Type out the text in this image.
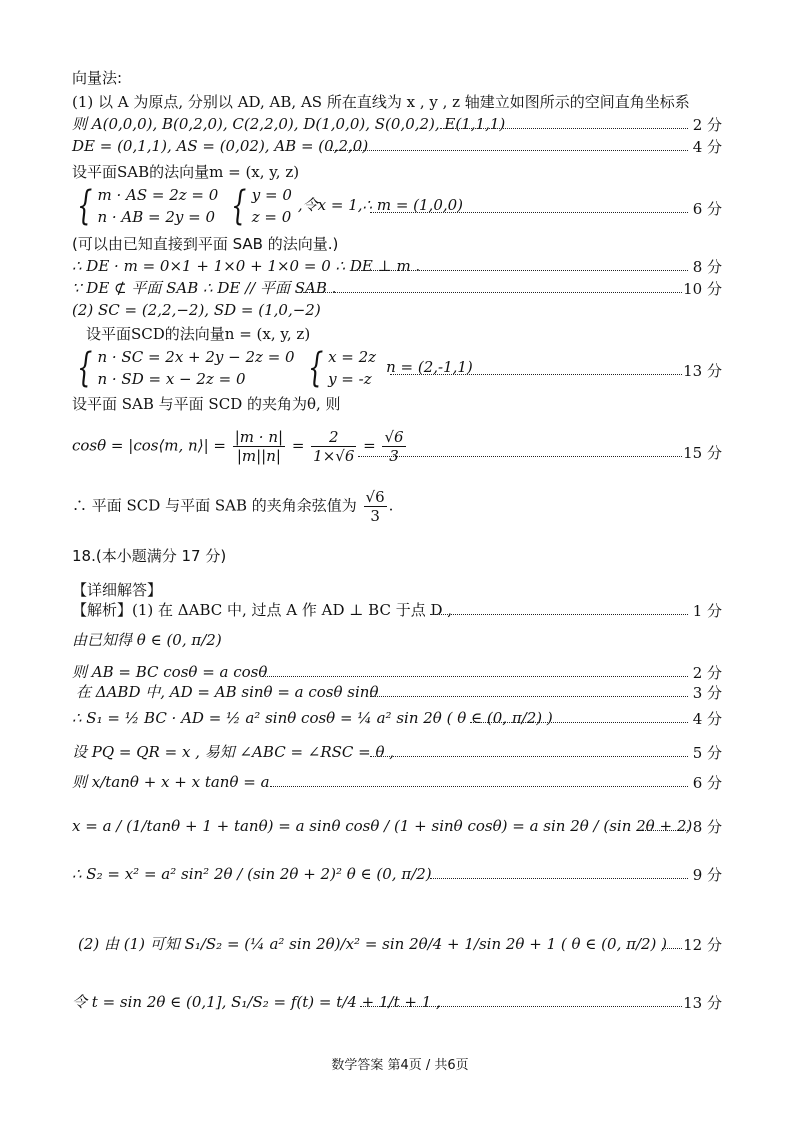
向量法:
(1) 以 A 为原点, 分别以 AD, AB, AS 所在直线为 x , y , z 轴建立如图所示的空间直角坐标系
则 A(0,0,0), B(0,2,0), C(2,2,0), D(1,0,0), S(0,0,2), E(1,1,1)	2 分
DE = (0,1,1), AS = (0,02), AB = (0,2,0)	4 分
设平面SAB的法向量m = (x, y, z)
{ m · AS = 2z = 0
n · AB = 2y = 0 { y = 0
z = 0
,令x = 1,∴ m = (1,0,0)	6 分
(可以由已知直接到平面 SAB 的法向量.)
∴ DE · m = 0×1 + 1×0 + 1×0 = 0 ∴ DE ⊥ m .	8 分
∵ DE ⊄ 平面 SAB ∴ DE // 平面 SAB .	10 分
(2) SC = (2,2,−2), SD = (1,0,−2)
设平面SCD的法向量n = (x, y, z)
{ n · SC = 2x + 2y − 2z = 0
n · SD = x − 2z = 0	{ x = 2z
y = -z
n = (2,-1,1)	13 分
设平面 SAB 与平面 SCD 的夹角为θ, 则
cosθ = |cos⟨m, n⟩| = $\frac{|m \cdot n|}{|m||n|} = \frac{2}{1\times√6} = \frac{√6}{3}$	15 分
∴ 平面 SCD 与平面 SAB 的夹角余弦值为 $\frac{√6}{3}$ .
18.(本小题满分 17 分)
【详细解答】
【解析】(1) 在 ΔABC 中, 过点 A 作 AD ⊥ BC 于点 D ,	1 分
由已知得 θ ∈ (0, π/2)
则 AB = BC cosθ = a cosθ	2 分
在 ΔABD 中, AD = AB sinθ = a cosθ sinθ	3 分
∴ S₁ = ½ BC · AD = ½ a² sinθ cosθ = ¼ a² sin 2θ ( θ ∈ (0, π/2) )	4 分
设 PQ = QR = x , 易知 ∠ABC = ∠RSC = θ ,	5 分
则 x/tanθ + x + x tanθ = a	6 分
x = a / (1/tanθ + 1 + tanθ) = a sinθ cosθ / (1 + sinθ cosθ) = a sin 2θ / (sin 2θ + 2) 8 分
∴ S₂ = x² = a² sin² 2θ / (sin 2θ + 2)² θ ∈ (0, π/2)	9 分
(2) 由 (1) 可知 S₁/S₂ = (¼ a² sin 2θ)/x² = sin 2θ/4 + 1/sin 2θ + 1 ( θ ∈ (0, π/2) ) 12 分
令 t = sin 2θ ∈ (0,1], S₁/S₂ = f(t) = t/4 + 1/t + 1 ,	13 分
数学答案 第4页 / 共6页
